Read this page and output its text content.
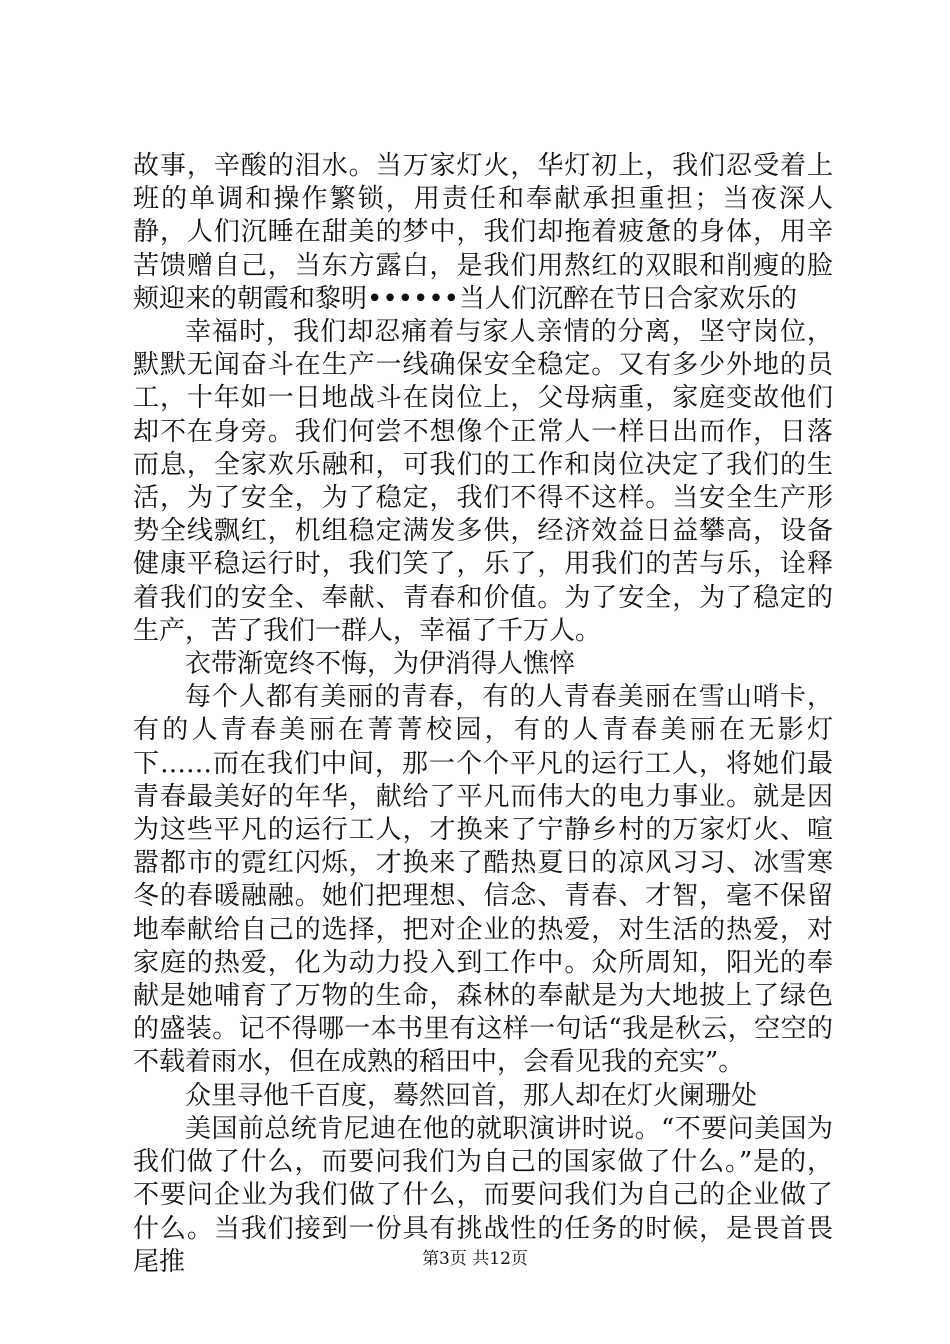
故事，辛酸的泪水。当万家灯火，华灯初上，我们忍受着上班的单调和操作繁锁，用责任和奉献承担重担；当夜深人静，人们沉睡在甜美的梦中，我们却拖着疲惫的身体，用辛苦馈赠自己，当东方露白，是我们用熬红的双眼和削瘦的脸颊迎来的朝霞和黎明••••••当人们沉醉在节日合家欢乐的

幸福时，我们却忍痛着与家人亲情的分离，坚守岗位，默默无闻奋斗在生产一线确保安全稳定。又有多少外地的员工，十年如一日地战斗在岗位上，父母病重，家庭变故他们却不在身旁。我们何尝不想像个正常人一样日出而作，日落而息，全家欢乐融和，可我们的工作和岗位决定了我们的生活，为了安全，为了稳定，我们不得不这样。当安全生产形势全线飘红，机组稳定满发多供，经济效益日益攀高，设备健康平稳运行时，我们笑了，乐了，用我们的苦与乐，诠释着我们的安全、奉献、青春和价值。为了安全，为了稳定的生产，苦了我们一群人，幸福了千万人。

衣带渐宽终不悔，为伊消得人憔悴

每个人都有美丽的青春，有的人青春美丽在雪山哨卡，有的人青春美丽在菁菁校园，有的人青春美丽在无影灯下……而在我们中间，那一个个平凡的运行工人，将她们最青春最美好的年华，献给了平凡而伟大的电力事业。就是因为这些平凡的运行工人，才换来了宁静乡村的万家灯火、喧嚣都市的霓红闪烁，才换来了酷热夏日的凉风习习、冰雪寒冬的春暖融融。她们把理想、信念、青春、才智，毫不保留地奉献给自己的选择，把对企业的热爱，对生活的热爱，对家庭的热爱，化为动力投入到工作中。众所周知，阳光的奉献是她哺育了万物的生命，森林的奉献是为大地披上了绿色的盛装。记不得哪一本书里有这样一句话“我是秋云，空空的不载着雨水，但在成熟的稻田中，会看见我的充实”。

众里寻他千百度，蓦然回首，那人却在灯火阑珊处

美国前总统肯尼迪在他的就职演讲时说。“不要问美国为我们做了什么，而要问我们为自己的国家做了什么。”是的，不要问企业为我们做了什么，而要问我们为自己的企业做了什么。当我们接到一份具有挑战性的任务的时候，是畏首畏尾推	第3页 共12页
